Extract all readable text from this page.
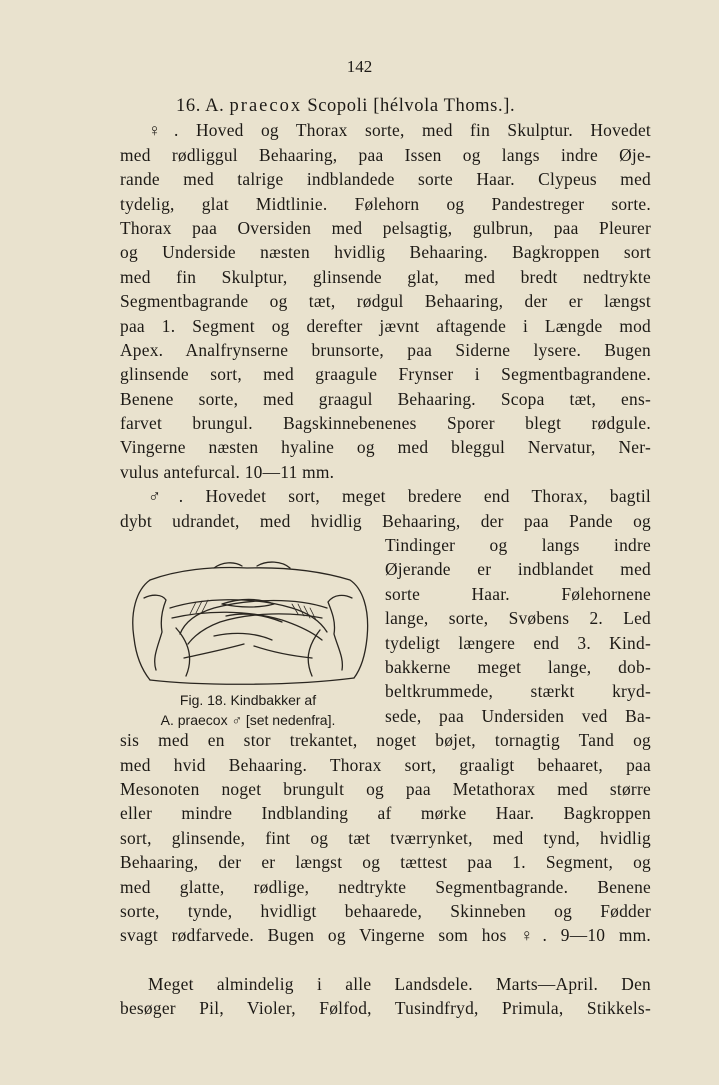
142
16. A. praecox Scopoli [hélvola Thoms.].
♀. Hoved og Thorax sorte, med fin Skulptur. Hovedet
med rødliggul Behaaring, paa Issen og langs indre Øje-
rande med talrige indblandede sorte Haar. Clypeus med
tydelig, glat Midtlinie. Følehorn og Pandestreger sorte.
Thorax paa Oversiden med pelsagtig, gulbrun, paa Pleurer
og Underside næsten hvidlig Behaaring. Bagkroppen sort
med fin Skulptur, glinsende glat, med bredt nedtrykte
Segmentbagrande og tæt, rødgul Behaaring, der er længst
paa 1. Segment og derefter jævnt aftagende i Længde mod
Apex. Analfrynserne brunsorte, paa Siderne lysere. Bugen
glinsende sort, med graagule Frynser i Segmentbagrandene.
Benene sorte, med graagul Behaaring. Scopa tæt, ens-
farvet brungul. Bagskinnebenenes Sporer blegt rødgule.
Vingerne næsten hyaline og med bleggul Nervatur, Ner-
vulus antefurcal. 10—11 mm.
♂. Hovedet sort, meget bredere end Thorax, bagtil
dybt udrandet, med hvidlig Behaaring, der paa Pande og
Tindinger og langs indre
Øjerande er indblandet med
sorte Haar. Følehornene
lange, sorte, Svøbens 2. Led
tydeligt længere end 3. Kind-
bakkerne meget lange, dob-
beltkrummede, stærkt kryd-
sede, paa Undersiden ved Ba-
sis med en stor trekantet, noget bøjet, tornagtig Tand og
med hvid Behaaring. Thorax sort, graaligt behaaret, paa
Mesonoten noget brungult og paa Metathorax med større
eller mindre Indblanding af mørke Haar. Bagkroppen
sort, glinsende, fint og tæt tværrynket, med tynd, hvidlig
Behaaring, der er længst og tættest paa 1. Segment, og
med glatte, rødlige, nedtrykte Segmentbagrande. Benene
sorte, tynde, hvidligt behaarede, Skinneben og Fødder
svagt rødfarvede. Bugen og Vingerne som hos ♀. 9—10 mm.
Fig. 18. Kindbakker af
A. praecox ♂ [set nedenfra].
Meget almindelig i alle Landsdele. Marts—April. Den
besøger Pil, Violer, Følfod, Tusindfryd, Primula, Stikkels-
